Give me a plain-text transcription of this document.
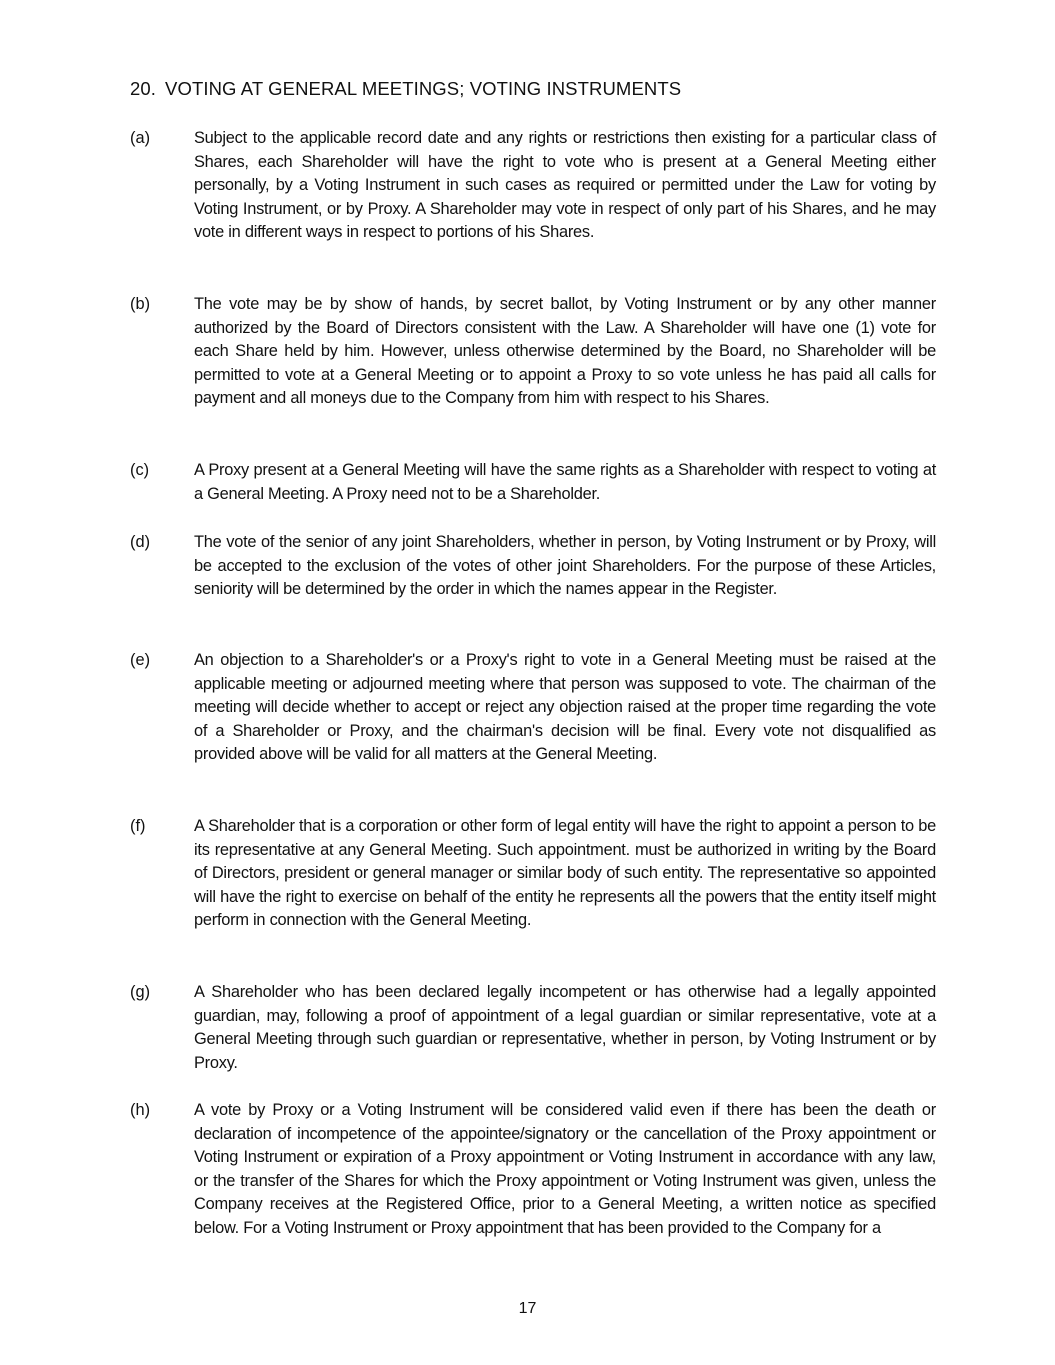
20. VOTING AT GENERAL MEETINGS; VOTING INSTRUMENTS
(a)	Subject to the applicable record date and any rights or restrictions then existing for a particular class of Shares, each Shareholder will have the right to vote who is present at a General Meeting either personally, by a Voting Instrument in such cases as required or permitted under the Law for voting by Voting Instrument, or by Proxy. A Shareholder may vote in respect of only part of his Shares, and he may vote in different ways in respect to portions of his Shares.
(b)	The vote may be by show of hands, by secret ballot, by Voting Instrument or by any other manner authorized by the Board of Directors consistent with the Law. A Shareholder will have one (1) vote for each Share held by him. However, unless otherwise determined by the Board, no Shareholder will be permitted to vote at a General Meeting or to appoint a Proxy to so vote unless he has paid all calls for payment and all moneys due to the Company from him with respect to his Shares.
(c)	A Proxy present at a General Meeting will have the same rights as a Shareholder with respect to voting at a General Meeting. A Proxy need not to be a Shareholder.
(d)	The vote of the senior of any joint Shareholders, whether in person, by Voting Instrument or by Proxy, will be accepted to the exclusion of the votes of other joint Shareholders. For the purpose of these Articles, seniority will be determined by the order in which the names appear in the Register.
(e)	An objection to a Shareholder's or a Proxy's right to vote in a General Meeting must be raised at the applicable meeting or adjourned meeting where that person was supposed to vote. The chairman of the meeting will decide whether to accept or reject any objection raised at the proper time regarding the vote of a Shareholder or Proxy, and the chairman's decision will be final. Every vote not disqualified as provided above will be valid for all matters at the General Meeting.
(f)	A Shareholder that is a corporation or other form of legal entity will have the right to appoint a person to be its representative at any General Meeting. Such appointment. must be authorized in writing by the Board of Directors, president or general manager or similar body of such entity. The representative so appointed will have the right to exercise on behalf of the entity he represents all the powers that the entity itself might perform in connection with the General Meeting.
(g)	A Shareholder who has been declared legally incompetent or has otherwise had a legally appointed guardian, may, following a proof of appointment of a legal guardian or similar representative, vote at a General Meeting through such guardian or representative, whether in person, by Voting Instrument or by Proxy.
(h)	A vote by Proxy or a Voting Instrument will be considered valid even if there has been the death or declaration of incompetence of the appointee/signatory or the cancellation of the Proxy appointment or Voting Instrument or expiration of a Proxy appointment or Voting Instrument in accordance with any law, or the transfer of the Shares for which the Proxy appointment or Voting Instrument was given, unless the Company receives at the Registered Office, prior to a General Meeting, a written notice as specified below. For a Voting Instrument or Proxy appointment that has been provided to the Company for a
17
